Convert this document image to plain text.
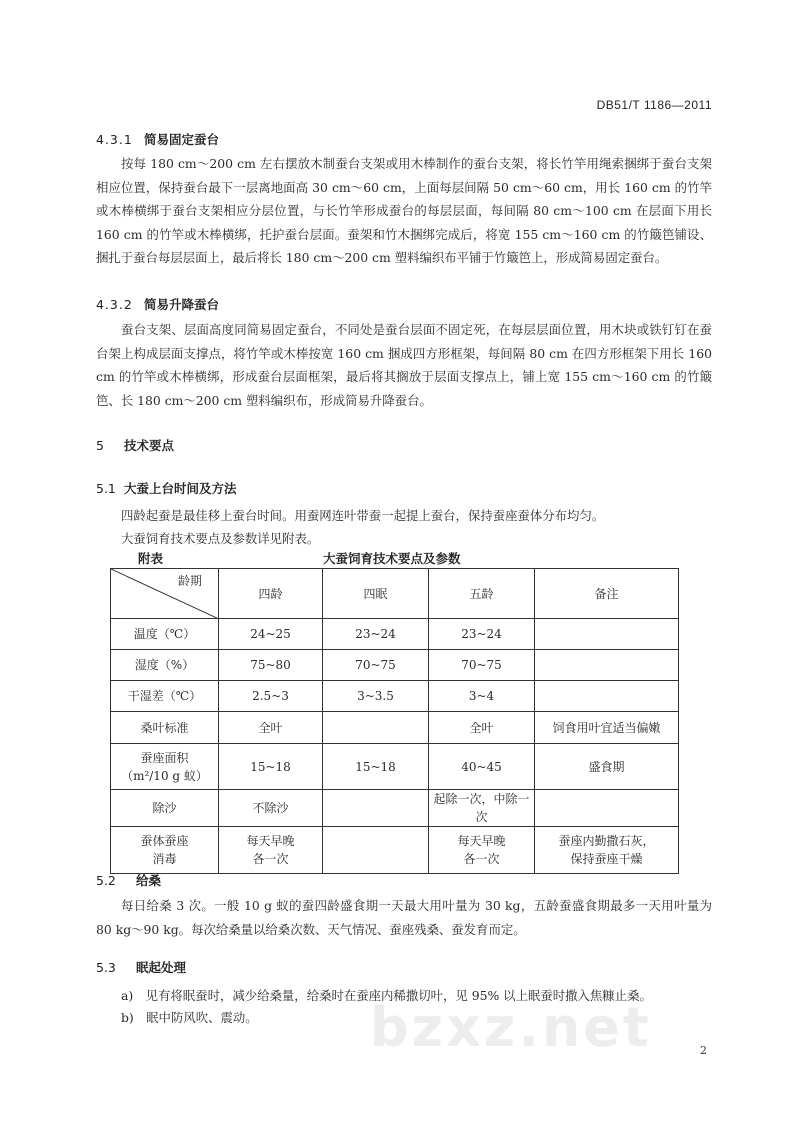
DB51/T 1186—2011
4.3.1 简易固定蚕台
按每 180 cm～200 cm 左右摆放木制蚕台支架或用木棒制作的蚕台支架，将长竹竿用绳索捆绑于蚕台支架相应位置，保持蚕台最下一层离地面高 30 cm～60 cm，上面每层间隔 50 cm～60 cm，用长 160 cm 的竹竿或木棒横绑于蚕台支架相应分层位置，与长竹竿形成蚕台的每层层面，每间隔 80 cm～100 cm 在层面下用长 160 cm 的竹竿或木棒横绑，托护蚕台层面。蚕架和竹木捆绑完成后，将宽 155 cm～160 cm 的竹簸笆铺设、捆扎于蚕台每层层面上，最后将长 180 cm～200 cm 塑料编织布平铺于竹簸笆上，形成简易固定蚕台。
4.3.2 简易升降蚕台
蚕台支架、层面高度同简易固定蚕台，不同处是蚕台层面不固定死，在每层层面位置，用木块或铁钉钉在蚕台架上构成层面支撑点，将竹竿或木棒按宽 160 cm 捆成四方形框架，每间隔 80 cm 在四方形框架下用长 160 cm 的竹竿或木棒横绑，形成蚕台层面框架，最后将其搁放于层面支撑点上，铺上宽 155 cm～160 cm 的竹簸笆、长 180 cm～200 cm 塑料编织布，形成简易升降蚕台。
5 技术要点
5.1 大蚕上台时间及方法
四龄起蚕是最佳移上蚕台时间。用蚕网连叶带蚕一起提上蚕台，保持蚕座蚕体分布均匀。
大蚕饲育技术要点及参数详见附表。
附表	大蚕饲育技术要点及参数
龄期	四龄	四眠	五龄	备注
温度（℃）	24~25	23~24	23~24	
湿度（%）	75~80	70~75	70~75	
干湿差（℃）	2.5~3	3~3.5	3~4	
桑叶标准	全叶		全叶	饲食用叶宜适当偏嫩
蚕座面积
（m²/10 g 蚁）	15~18	15~18	40~45	盛食期
除沙	不除沙		起除一次，中除一次	
蚕体蚕座
消毒	每天早晚
各一次		每天早晚
各一次	蚕座内勤撒石灰，
保持蚕座干燥
5.2 给桑
每日给桑 3 次。一般 10 g 蚁的蚕四龄盛食期一天最大用叶量为 30 kg，五龄蚕盛食期最多一天用叶量为 80 kg～90 kg。每次给桑量以给桑次数、天气情况、蚕座残桑、蚕发育而定。
5.3 眠起处理
a)　见有将眠蚕时，减少给桑量，给桑时在蚕座内稀撒切叶，见 95% 以上眠蚕时撒入焦糠止桑。
b)　眠中防风吹、震动。 bzxz.net	2
